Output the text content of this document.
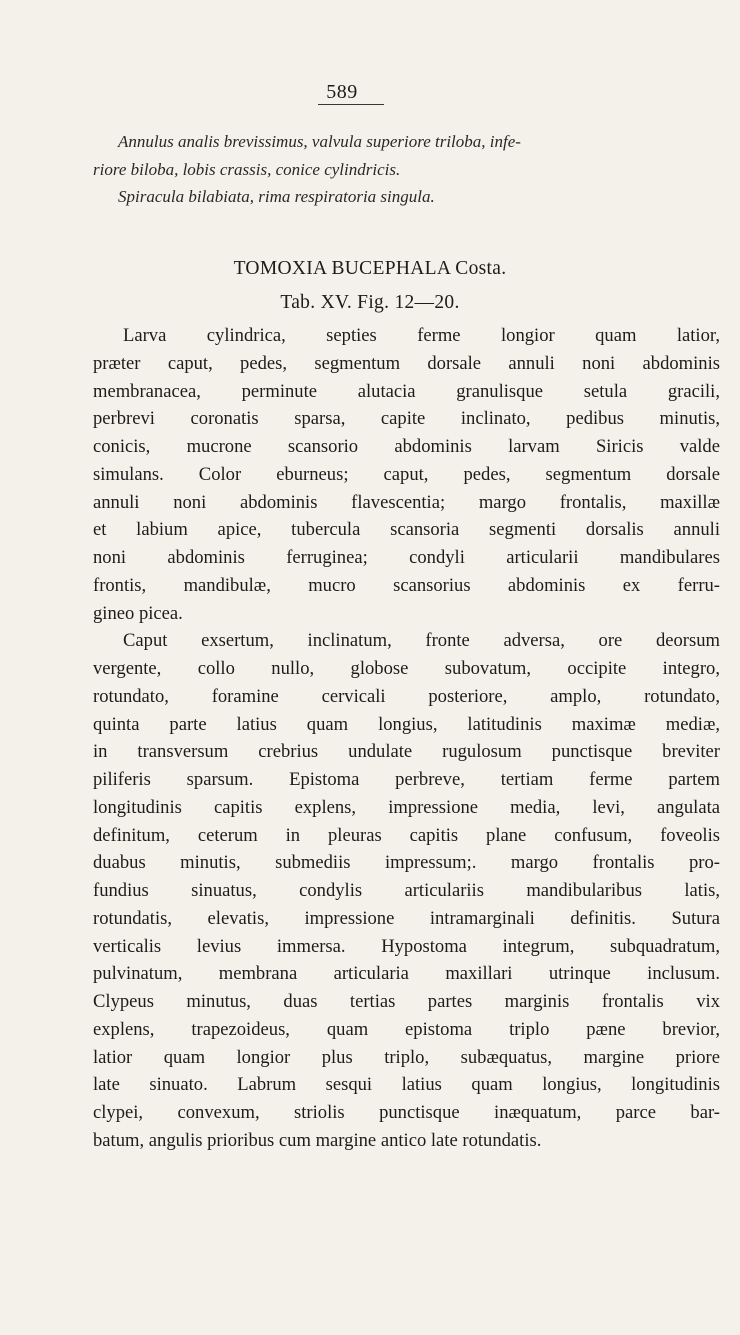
589
Annulus analis brevissimus, valvula superiore triloba, infe-
riore biloba, lobis crassis, conice cylindricis.
Spiracula bilabiata, rima respiratoria singula.
TOMOXIA BUCEPHALA Costa.
Tab. XV. Fig. 12—20.
Larva cylindrica, septies ferme longior quam latior,
præter caput, pedes, segmentum dorsale annuli noni abdominis
membranacea, perminute alutacia granulisque setula gracili,
perbrevi coronatis sparsa, capite inclinato, pedibus minutis,
conicis, mucrone scansorio abdominis larvam Siricis valde
simulans. Color eburneus; caput, pedes, segmentum dorsale
annuli noni abdominis flavescentia; margo frontalis, maxillæ
et labium apice, tubercula scansoria segmenti dorsalis annuli
noni abdominis ferruginea; condyli articularii mandibulares
frontis, mandibulæ, mucro scansorius abdominis ex ferru-
gineo picea.
Caput exsertum, inclinatum, fronte adversa, ore deorsum
vergente, collo nullo, globose subovatum, occipite integro,
rotundato, foramine cervicali posteriore, amplo, rotundato,
quinta parte latius quam longius, latitudinis maximæ mediæ,
in transversum crebrius undulate rugulosum punctisque breviter
piliferis sparsum. Epistoma perbreve, tertiam ferme partem
longitudinis capitis explens, impressione media, levi, angulata
definitum, ceterum in pleuras capitis plane confusum, foveolis
duabus minutis, submediis impressum;. margo frontalis pro-
fundius sinuatus, condylis articulariis mandibularibus latis,
rotundatis, elevatis, impressione intramarginali definitis. Sutura
verticalis levius immersa. Hypostoma integrum, subquadratum,
pulvinatum, membrana articularia maxillari utrinque inclusum.
Clypeus minutus, duas tertias partes marginis frontalis vix
explens, trapezoideus, quam epistoma triplo pæne brevior,
latior quam longior plus triplo, subæquatus, margine priore
late sinuato. Labrum sesqui latius quam longius, longitudinis
clypei, convexum, striolis punctisque inæquatum, parce bar-
batum, angulis prioribus cum margine antico late rotundatis.
